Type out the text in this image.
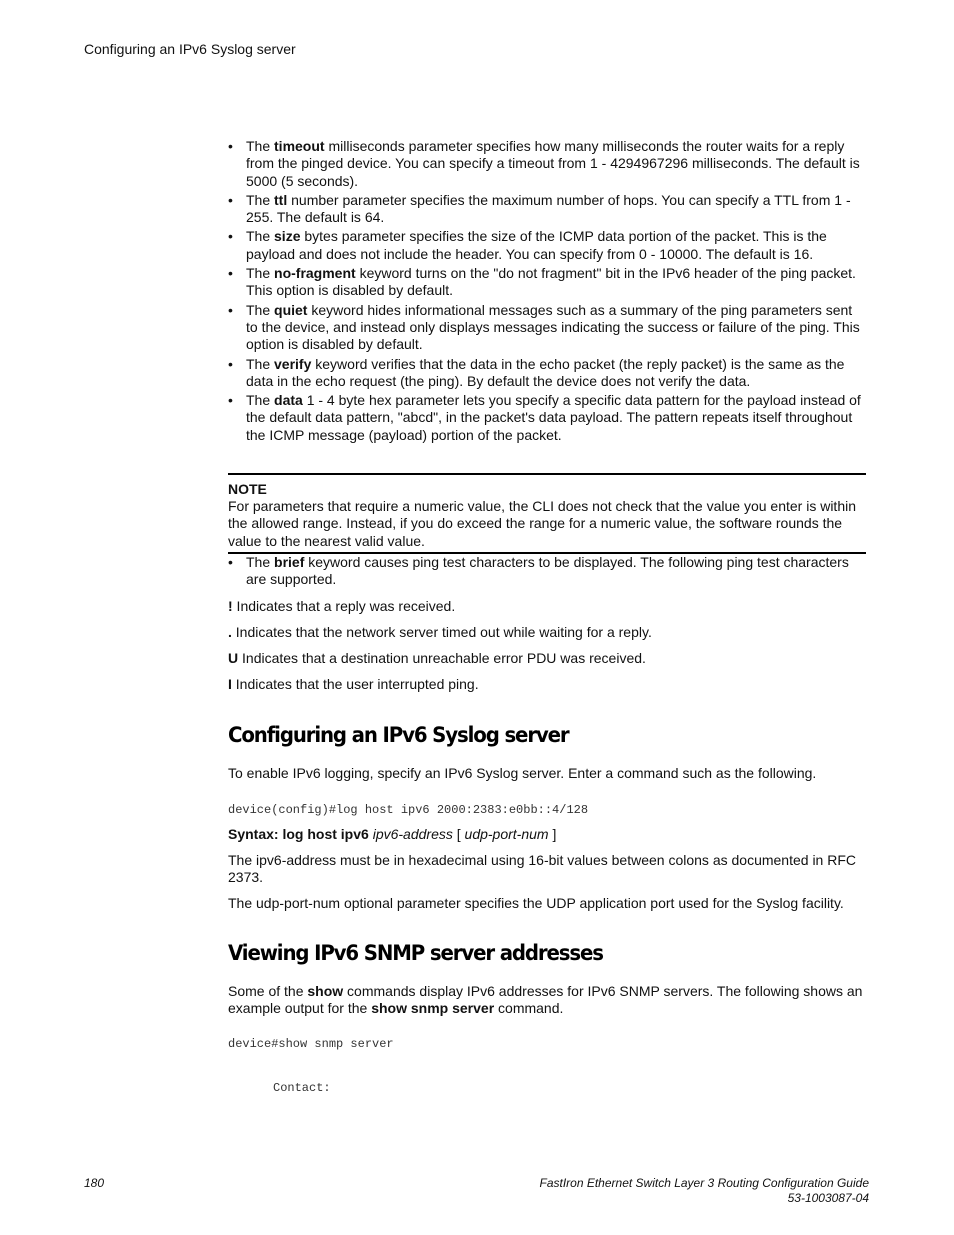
Configuring an IPv6 Syslog server
• The timeout milliseconds parameter specifies how many milliseconds the router waits for a reply from the pinged device. You can specify a timeout from 1 - 4294967296 milliseconds. The default is 5000 (5 seconds).
• The ttl number parameter specifies the maximum number of hops. You can specify a TTL from 1 - 255. The default is 64.
• The size bytes parameter specifies the size of the ICMP data portion of the packet. This is the payload and does not include the header. You can specify from 0 - 10000. The default is 16.
• The no-fragment keyword turns on the "do not fragment" bit in the IPv6 header of the ping packet. This option is disabled by default.
• The quiet keyword hides informational messages such as a summary of the ping parameters sent to the device, and instead only displays messages indicating the success or failure of the ping. This option is disabled by default.
• The verify keyword verifies that the data in the echo packet (the reply packet) is the same as the data in the echo request (the ping). By default the device does not verify the data.
• The data 1 - 4 byte hex parameter lets you specify a specific data pattern for the payload instead of the default data pattern, "abcd", in the packet's data payload. The pattern repeats itself throughout the ICMP message (payload) portion of the packet.
NOTE

For parameters that require a numeric value, the CLI does not check that the value you enter is within the allowed range. Instead, if you do exceed the range for a numeric value, the software rounds the value to the nearest valid value.

• The brief keyword causes ping test characters to be displayed. The following ping test characters are supported.

! Indicates that a reply was received.

. Indicates that the network server timed out while waiting for a reply.

U Indicates that a destination unreachable error PDU was received.

I Indicates that the user interrupted ping.

Configuring an IPv6 Syslog server

To enable IPv6 logging, specify an IPv6 Syslog server. Enter a command such as the following.

device(config)#log host ipv6 2000:2383:e0bb::4/128

Syntax: log host ipv6 ipv6-address [ udp-port-num ]

The ipv6-address must be in hexadecimal using 16-bit values between colons as documented in RFC 2373.

The udp-port-num optional parameter specifies the UDP application port used for the Syslog facility.

Viewing IPv6 SNMP server addresses

Some of the show commands display IPv6 addresses for IPv6 SNMP servers. The following shows an example output for the show snmp server command.

device#show snmp server
Contact:
180	FastIron Ethernet Switch Layer 3 Routing Configuration Guide
53-1003087-04
